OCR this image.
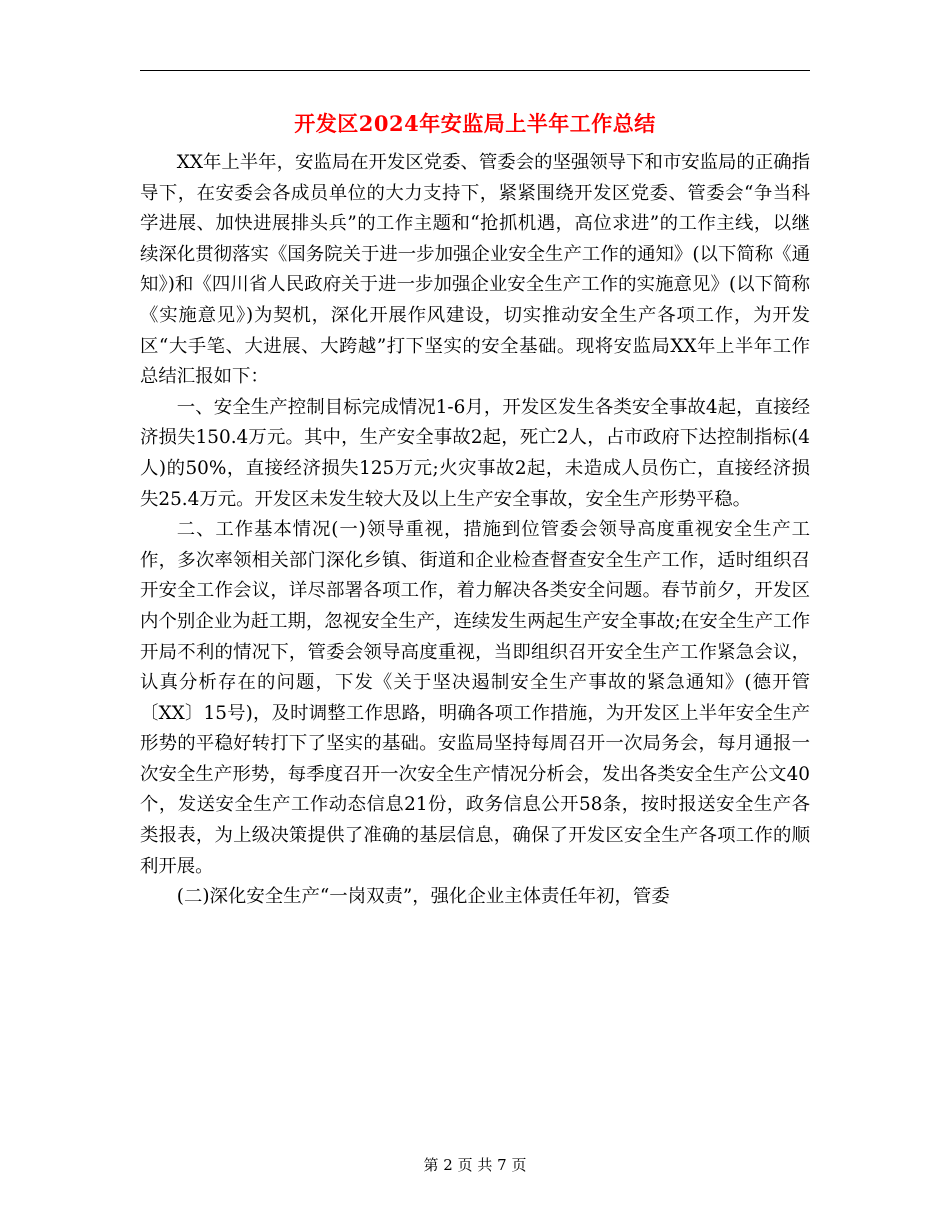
开发区2024年安监局上半年工作总结

XX年上半年，安监局在开发区党委、管委会的坚强领导下和市安监局的正确指导下，在安委会各成员单位的大力支持下，紧紧围绕开发区党委、管委会“争当科学进展、加快进展排头兵”的工作主题和“抢抓机遇，高位求进”的工作主线，以继续深化贯彻落实《国务院关于进一步加强企业安全生产工作的通知》(以下简称《通知》)和《四川省人民政府关于进一步加强企业安全生产工作的实施意见》(以下简称《实施意见》)为契机，深化开展作风建设，切实推动安全生产各项工作，为开发区“大手笔、大进展、大跨越”打下坚实的安全基础。现将安监局XX年上半年工作总结汇报如下：

一、安全生产控制目标完成情况1-6月，开发区发生各类安全事故4起，直接经济损失150.4万元。其中，生产安全事故2起，死亡2人，占市政府下达控制指标(4人)的50%，直接经济损失125万元;火灾事故2起，未造成人员伤亡，直接经济损失25.4万元。开发区未发生较大及以上生产安全事故，安全生产形势平稳。

二、工作基本情况(一)领导重视，措施到位管委会领导高度重视安全生产工作，多次率领相关部门深化乡镇、街道和企业检查督查安全生产工作，适时组织召开安全工作会议，详尽部署各项工作，着力解决各类安全问题。春节前夕，开发区内个别企业为赶工期，忽视安全生产，连续发生两起生产安全事故;在安全生产工作开局不利的情况下，管委会领导高度重视，当即组织召开安全生产工作紧急会议，认真分析存在的问题，下发《关于坚决遏制安全生产事故的紧急通知》(德开管〔XX〕15号)，及时调整工作思路，明确各项工作措施，为开发区上半年安全生产形势的平稳好转打下了坚实的基础。安监局坚持每周召开一次局务会，每月通报一次安全生产形势，每季度召开一次安全生产情况分析会，发出各类安全生产公文40个，发送安全生产工作动态信息21份，政务信息公开58条，按时报送安全生产各类报表，为上级决策提供了准确的基层信息，确保了开发区安全生产各项工作的顺利开展。

(二)深化安全生产“一岗双责”，强化企业主体责任年初，管委

第 2 页 共 7 页
